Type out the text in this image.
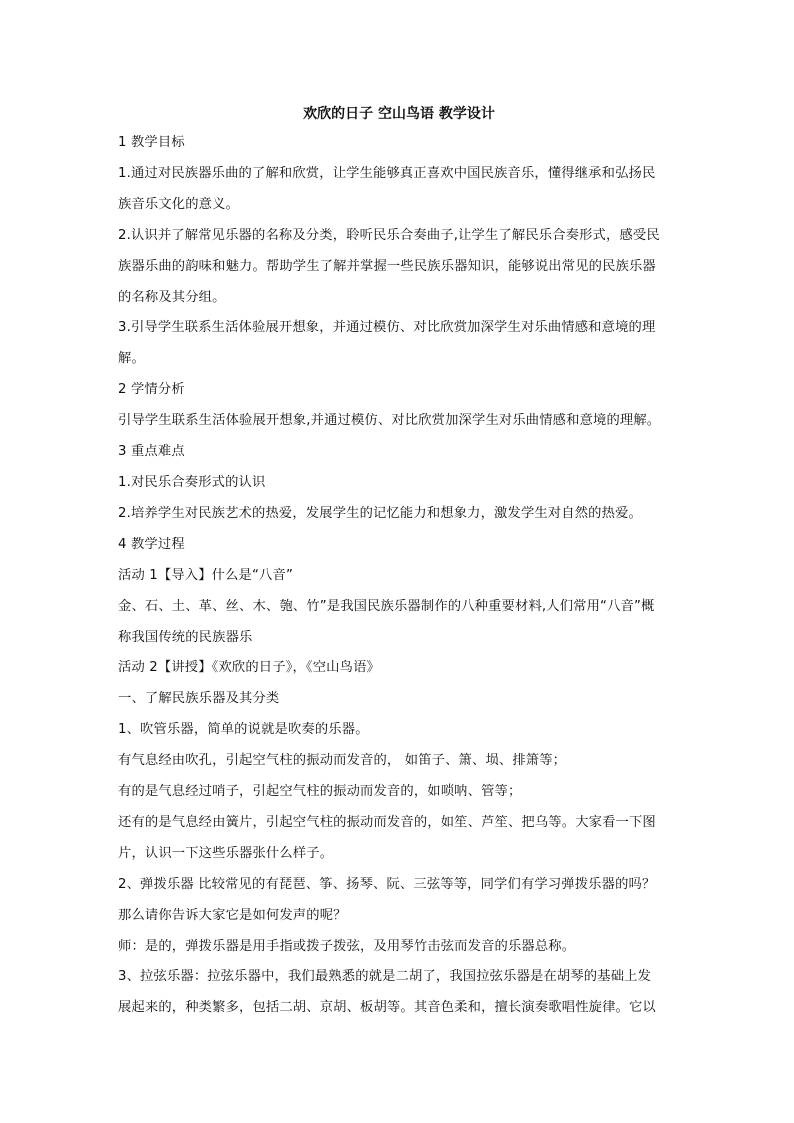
欢欣的日子 空山鸟语 教学设计
1 教学目标
1.通过对民族器乐曲的了解和欣赏，让学生能够真正喜欢中国民族音乐，懂得继承和弘扬民
族音乐文化的意义。
2.认识并了解常见乐器的名称及分类，聆听民乐合奏曲子,让学生了解民乐合奏形式，感受民
族器乐曲的韵味和魅力。帮助学生了解并掌握一些民族乐器知识，能够说出常见的民族乐器
的名称及其分组。
3.引导学生联系生活体验展开想象，并通过模仿、对比欣赏加深学生对乐曲情感和意境的理
解。
2 学情分析
引导学生联系生活体验展开想象,并通过模仿、对比欣赏加深学生对乐曲情感和意境的理解。
3 重点难点
1.对民乐合奏形式的认识
2.培养学生对民族艺术的热爱，发展学生的记忆能力和想象力，激发学生对自然的热爱。
4 教学过程
活动 1【导入】什么是“八音”
金、石、土、革、丝、木、匏、竹”是我国民族乐器制作的八种重要材料,人们常用“八音”概
称我国传统的民族器乐
活动 2【讲授】《欢欣的日子》，《空山鸟语》
一、了解民族乐器及其分类
1、吹管乐器，简单的说就是吹奏的乐器。
有气息经由吹孔，引起空气柱的振动而发音的， 如笛子、箫、埙、排箫等；
有的是气息经过哨子，引起空气柱的振动而发音的，如唢呐、管等；
还有的是气息经由簧片，引起空气柱的振动而发音的，如笙、芦笙、把乌等。大家看一下图
片，认识一下这些乐器张什么样子。
2、弹拨乐器 比较常见的有琵琶、筝、扬琴、阮、三弦等等，同学们有学习弹拨乐器的吗？
那么请你告诉大家它是如何发声的呢？
师：是的，弹拨乐器是用手指或拨子拨弦，及用琴竹击弦而发音的乐器总称。
3、拉弦乐器：拉弦乐器中，我们最熟悉的就是二胡了，我国拉弦乐器是在胡琴的基础上发
展起来的，种类繁多，包括二胡、京胡、板胡等。其音色柔和，擅长演奏歌唱性旋律。它以
